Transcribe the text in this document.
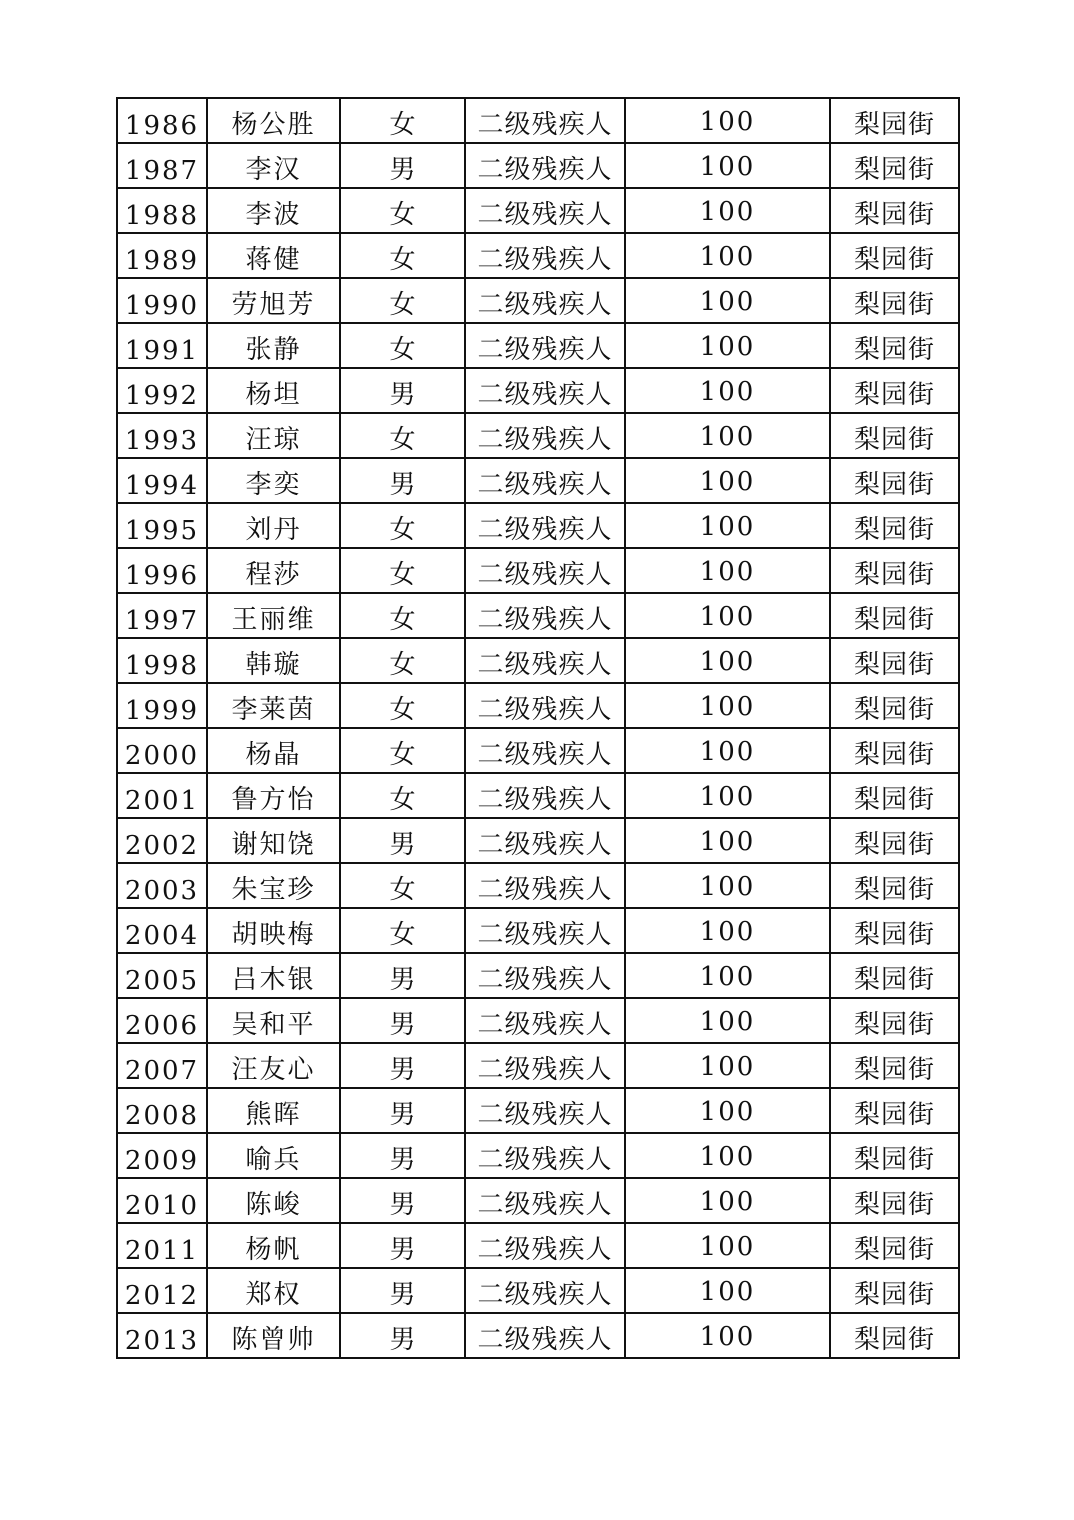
1986	杨公胜	女	二级残疾人	100	梨园街
1987	李汉	男	二级残疾人	100	梨园街
1988	李波	女	二级残疾人	100	梨园街
1989	蒋健	女	二级残疾人	100	梨园街
1990	劳旭芳	女	二级残疾人	100	梨园街
1991	张静	女	二级残疾人	100	梨园街
1992	杨坦	男	二级残疾人	100	梨园街
1993	汪琼	女	二级残疾人	100	梨园街
1994	李奕	男	二级残疾人	100	梨园街
1995	刘丹	女	二级残疾人	100	梨园街
1996	程莎	女	二级残疾人	100	梨园街
1997	王丽维	女	二级残疾人	100	梨园街
1998	韩璇	女	二级残疾人	100	梨园街
1999	李莱茵	女	二级残疾人	100	梨园街
2000	杨晶	女	二级残疾人	100	梨园街
2001	鲁方怡	女	二级残疾人	100	梨园街
2002	谢知饶	男	二级残疾人	100	梨园街
2003	朱宝珍	女	二级残疾人	100	梨园街
2004	胡映梅	女	二级残疾人	100	梨园街
2005	吕木银	男	二级残疾人	100	梨园街
2006	吴和平	男	二级残疾人	100	梨园街
2007	汪友心	男	二级残疾人	100	梨园街
2008	熊晖	男	二级残疾人	100	梨园街
2009	喻兵	男	二级残疾人	100	梨园街
2010	陈峻	男	二级残疾人	100	梨园街
2011	杨帆	男	二级残疾人	100	梨园街
2012	郑权	男	二级残疾人	100	梨园街
2013	陈曾帅	男	二级残疾人	100	梨园街
